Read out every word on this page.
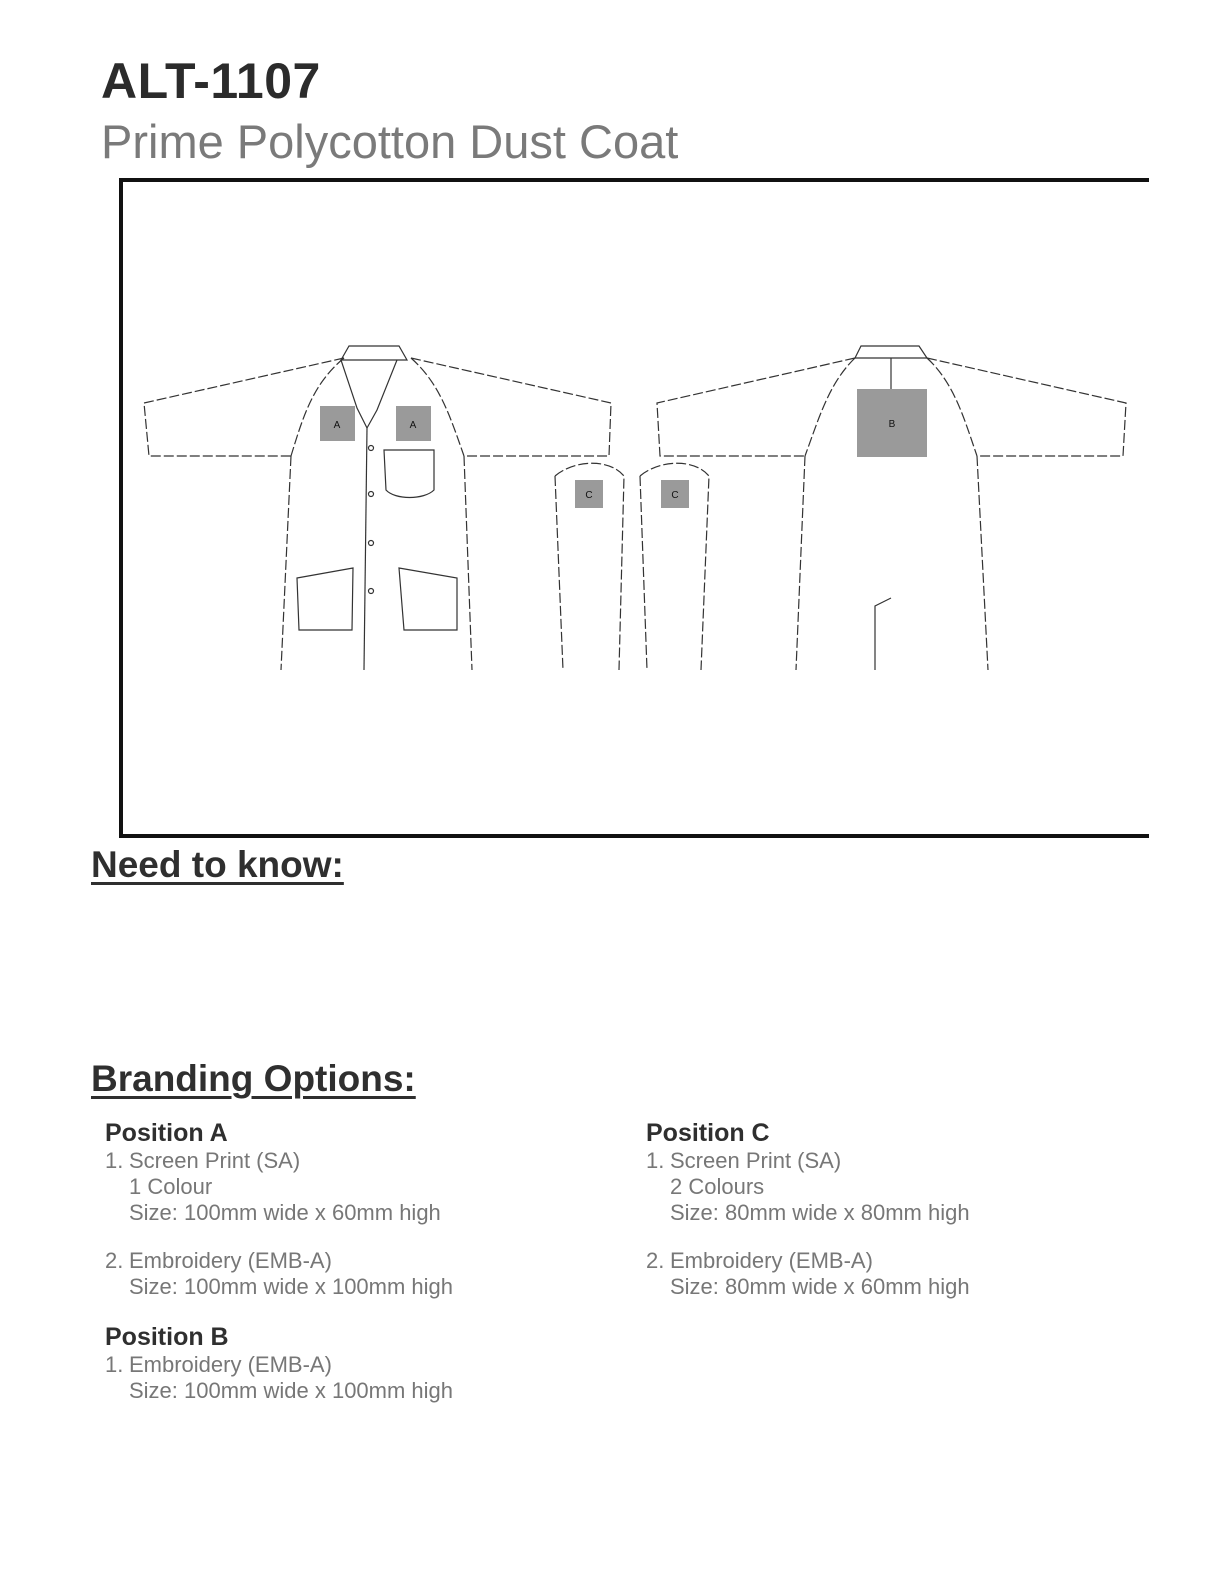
ALT-1107
Prime Polycotton Dust Coat
A	A	B
C	C
Need to know:
Branding Options:
Position A
1. Screen Print (SA)
1 Colour
Size: 100mm wide x 60mm high
2. Embroidery (EMB-A)
Size: 100mm wide x 100mm high
Position B
1. Embroidery (EMB-A)
Size: 100mm wide x 100mm high
Position C
1. Screen Print (SA)
2 Colours
Size: 80mm wide x 80mm high
2. Embroidery (EMB-A)
Size: 80mm wide x 60mm high
